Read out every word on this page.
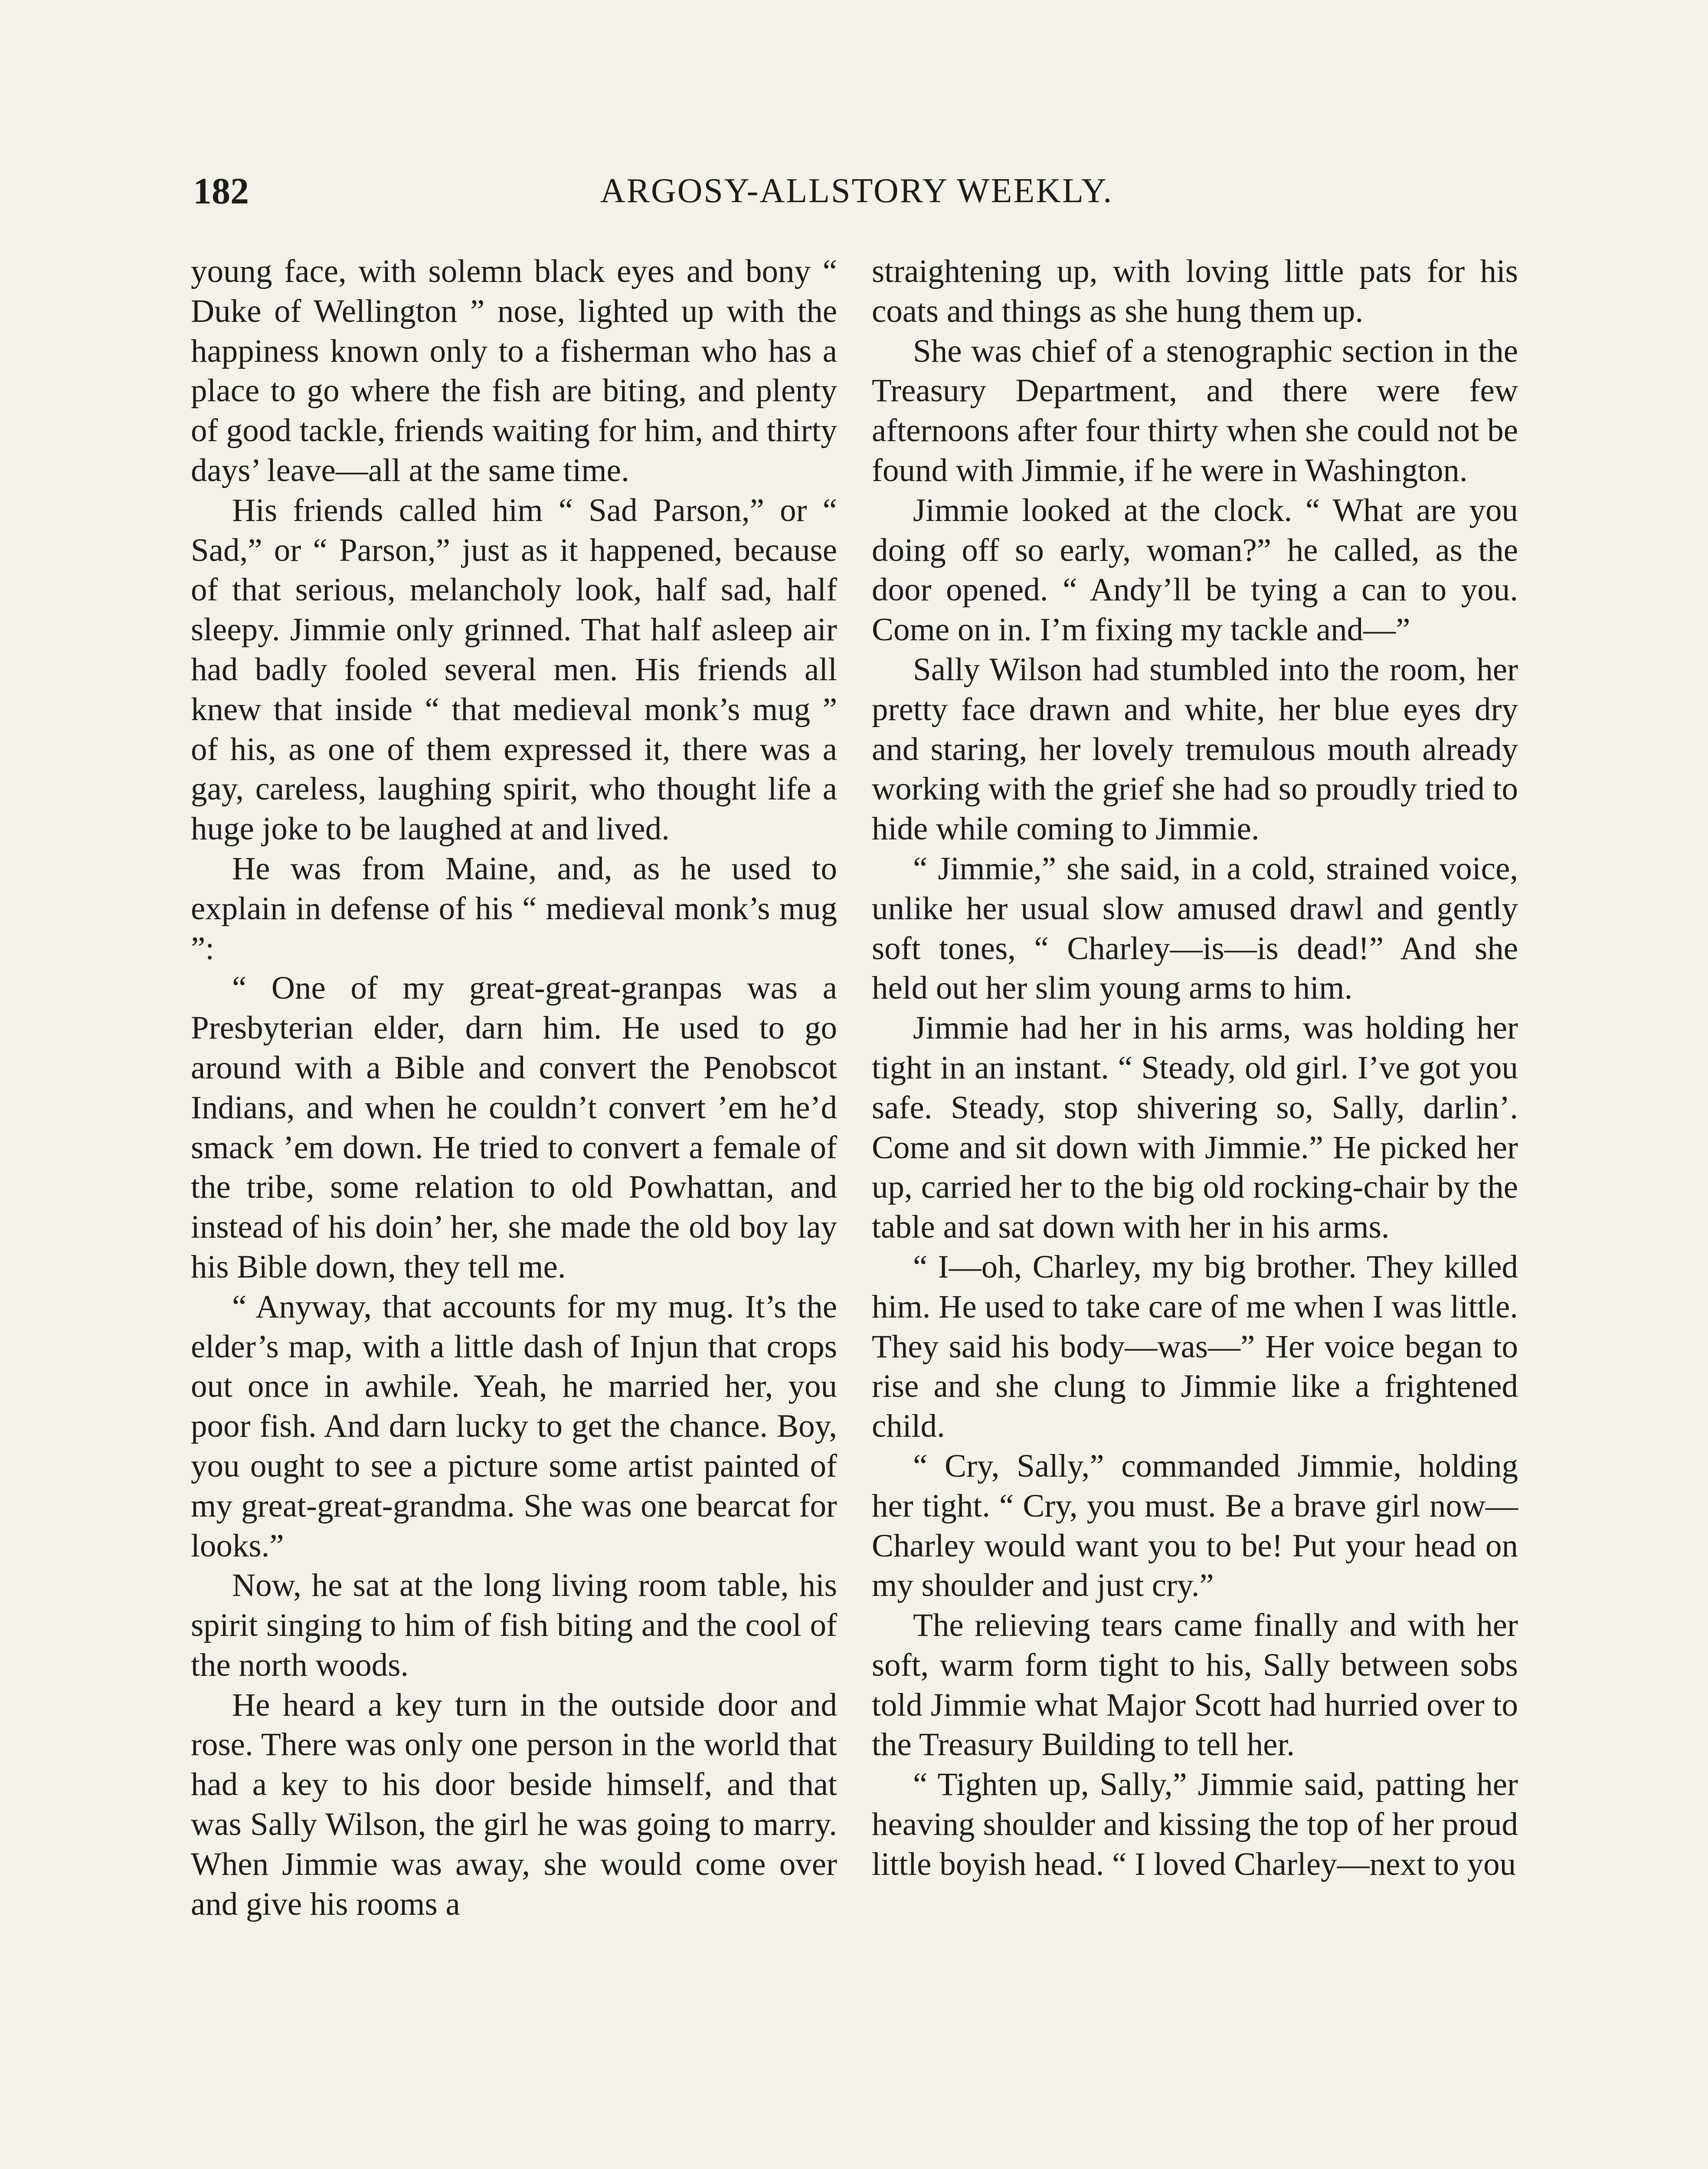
182	ARGOSY-ALLSTORY WEEKLY.

young face, with solemn black eyes and bony “ Duke of Wellington ” nose, lighted up with the happiness known only to a fisherman who has a place to go where the fish are biting, and plenty of good tackle, friends waiting for him, and thirty days’ leave—all at the same time.

His friends called him “ Sad Parson,” or “ Sad,” or “ Parson,” just as it happened, because of that serious, melancholy look, half sad, half sleepy. Jimmie only grinned. That half asleep air had badly fooled several men. His friends all knew that inside “ that medieval monk’s mug ” of his, as one of them expressed it, there was a gay, careless, laughing spirit, who thought life a huge joke to be laughed at and lived.

He was from Maine, and, as he used to explain in defense of his “ medieval monk’s mug ”:

“ One of my great-great-granpas was a Presbyterian elder, darn him. He used to go around with a Bible and convert the Penobscot Indians, and when he couldn’t convert ’em he’d smack ’em down. He tried to convert a female of the tribe, some relation to old Powhattan, and instead of his doin’ her, she made the old boy lay his Bible down, they tell me.

“ Anyway, that accounts for my mug. It’s the elder’s map, with a little dash of Injun that crops out once in awhile. Yeah, he married her, you poor fish. And darn lucky to get the chance. Boy, you ought to see a picture some artist painted of my great-great-grandma. She was one bearcat for looks.”

Now, he sat at the long living room table, his spirit singing to him of fish biting and the cool of the north woods.

He heard a key turn in the outside door and rose. There was only one person in the world that had a key to his door beside himself, and that was Sally Wilson, the girl he was going to marry. When Jimmie was away, she would come over and give his rooms a

straightening up, with loving little pats for his coats and things as she hung them up.

She was chief of a stenographic section in the Treasury Department, and there were few afternoons after four thirty when she could not be found with Jimmie, if he were in Washington.

Jimmie looked at the clock. “ What are you doing off so early, woman?” he called, as the door opened. “ Andy’ll be tying a can to you. Come on in. I’m fixing my tackle and—”

Sally Wilson had stumbled into the room, her pretty face drawn and white, her blue eyes dry and staring, her lovely tremulous mouth already working with the grief she had so proudly tried to hide while coming to Jimmie.

“ Jimmie,” she said, in a cold, strained voice, unlike her usual slow amused drawl and gently soft tones, “ Charley—is—is dead!” And she held out her slim young arms to him.

Jimmie had her in his arms, was holding her tight in an instant. “ Steady, old girl. I’ve got you safe. Steady, stop shivering so, Sally, darlin’. Come and sit down with Jimmie.” He picked her up, carried her to the big old rocking-chair by the table and sat down with her in his arms.

“ I—oh, Charley, my big brother. They killed him. He used to take care of me when I was little. They said his body—was—” Her voice began to rise and she clung to Jimmie like a frightened child.

“ Cry, Sally,” commanded Jimmie, holding her tight. “ Cry, you must. Be a brave girl now—Charley would want you to be! Put your head on my shoulder and just cry.”

The relieving tears came finally and with her soft, warm form tight to his, Sally between sobs told Jimmie what Major Scott had hurried over to the Treasury Building to tell her.

“ Tighten up, Sally,” Jimmie said, patting her heaving shoulder and kissing the top of her proud little boyish head. “ I loved Charley—next to you
